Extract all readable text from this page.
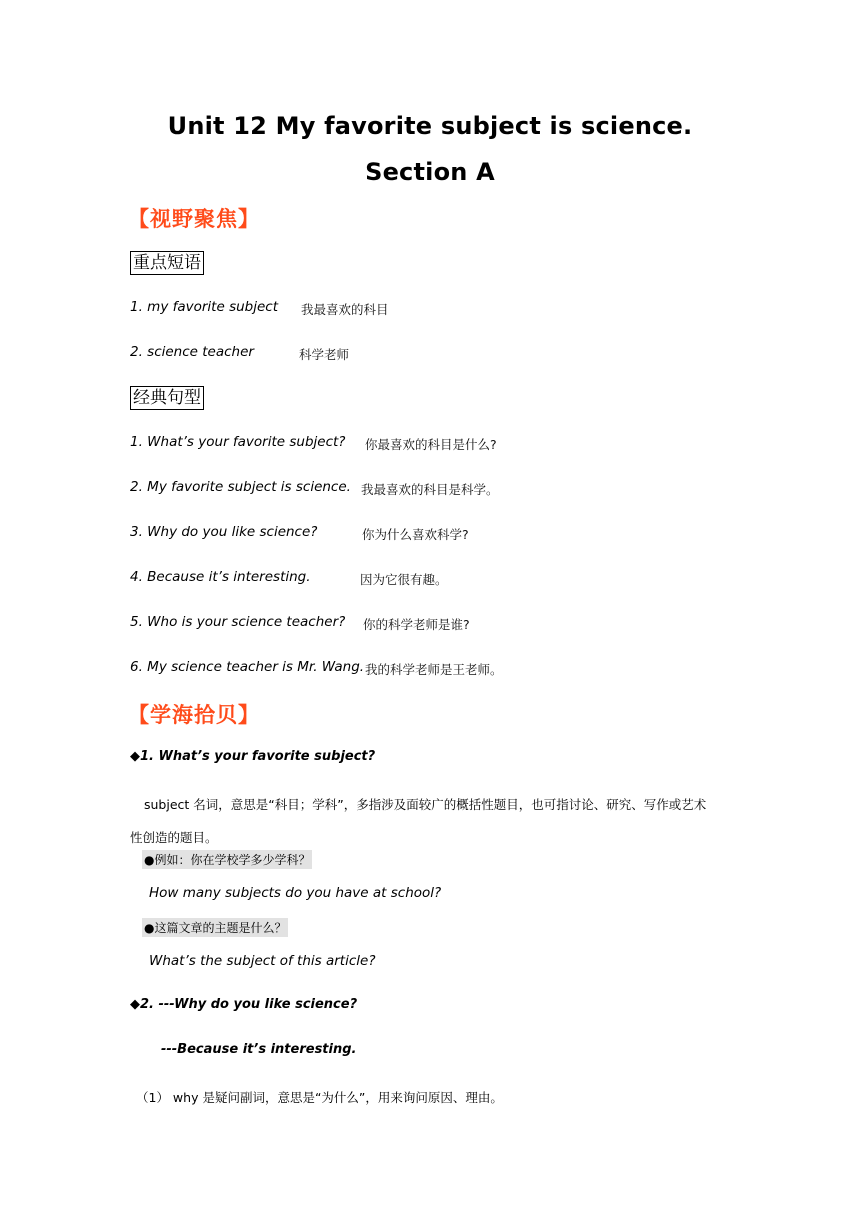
Unit 12 My favorite subject is science.
Section A
【视野聚焦】
重点短语
1. my favorite subject 我最喜欢的科目
2. science teacher	科学老师
经典句型
1. What’s your favorite subject? 你最喜欢的科目是什么?
2. My favorite subject is science. 我最喜欢的科目是科学。
3. Why do you like science?	你为什么喜欢科学?
4. Because it’s interesting.	因为它很有趣。
5. Who is your science teacher? 你的科学老师是谁?
6. My science teacher is Mr. Wang. 我的科学老师是王老师。
【学海拾贝】
◆1. What’s your favorite subject?
subject 名词，意思是“科目；学科”，多指涉及面较广的概括性题目，也可指讨论、研究、写作或艺术
性创造的题目。
●例如：你在学校学多少学科？
How many subjects do you have at school?
●这篇文章的主题是什么？
What’s the subject of this article?
◆2. ---Why do you like science?
---Because it’s interesting.
（1） why 是疑问副词，意思是“为什么”，用来询问原因、理由。
